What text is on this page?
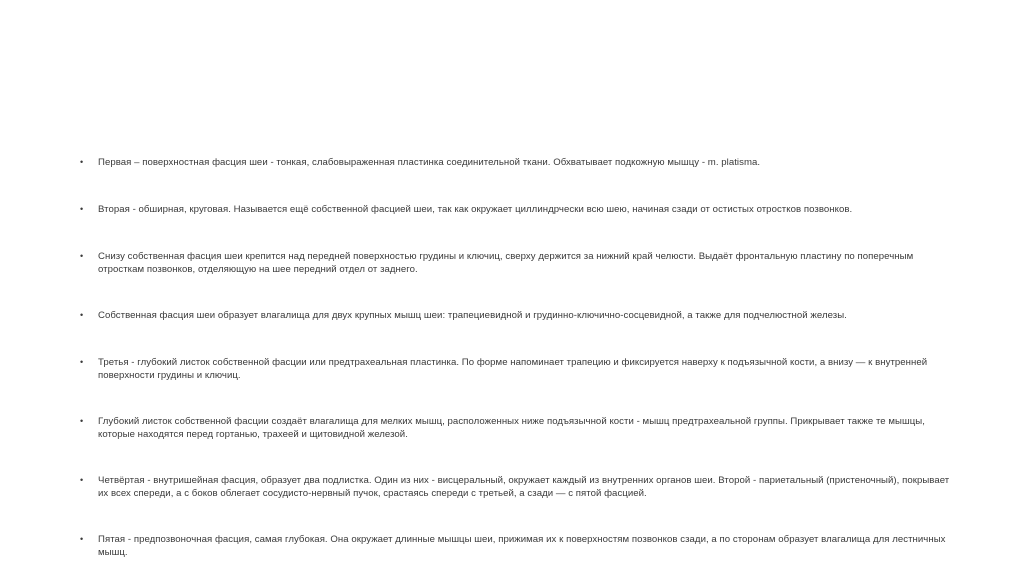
•	Первая – поверхностная фасция шеи - тонкая, слабовыраженная пластинка соединительной ткани. Обхватывает подкожную мышцу - m. platisma.
•	Вторая - обширная, круговая. Называется ещё собственной фасцией шеи, так как окружает циллиндрчески всю шею, начиная сзади от остистых отростков позвонков.
•	Снизу собственная фасция шеи крепится над передней поверхностью грудины и ключиц, сверху держится за нижний край челюсти. Выдаёт фронтальную пластину по поперечным отросткам позвонков, отделяющую на шее передний отдел от заднего.
•	Собственная фасция шеи образует влагалища для двух крупных мышц шеи: трапециевидной и грудинно-ключично-сосцевидной, а также для подчелюстной железы.
•	Третья - глубокий листок собственной фасции или предтрахеальная пластинка. По форме напоминает трапецию и фиксируется наверху к подъязычной кости, а внизу — к внутренней поверхности грудины и ключиц.
•	Глубокий листок собственной фасции создаёт влагалища для мелких мышц, расположенных ниже подъязычной кости - мышц предтрахеальной группы. Прикрывает также те мышцы, которые находятся перед гортанью, трахеей и щитовидной железой.
•	Четвёртая - внутришейная фасция, образует два подлистка. Один из них - висцеральный, окружает каждый из внутренних органов шеи. Второй - париетальный (пристеночный), покрывает их всех спереди, а с боков облегает сосудисто-нервный пучок, срастаясь спереди с третьей, а сзади — с пятой фасцией.
•	Пятая - предпозвоночная фасция, самая глубокая. Она окружает длинные мышцы шеи, прижимая их к поверхностям позвонков сзади, а по сторонам образует влагалища для лестничных мышц.
